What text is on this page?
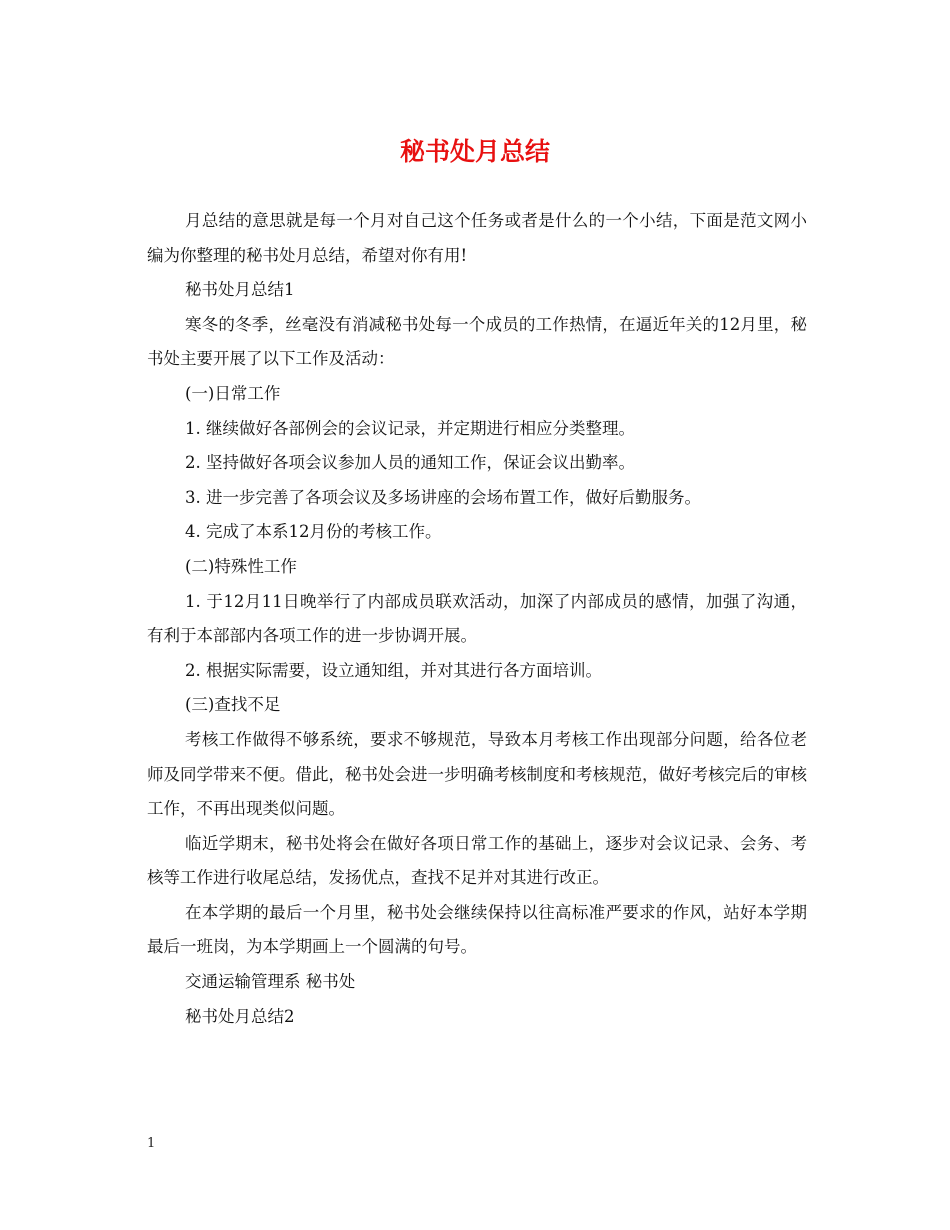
秘书处月总结

月总结的意思就是每一个月对自己这个任务或者是什么的一个小结，下面是范文网小编为你整理的秘书处月总结，希望对你有用!

秘书处月总结1

寒冬的冬季，丝毫没有消减秘书处每一个成员的工作热情，在逼近年关的12月里，秘书处主要开展了以下工作及活动：

(一)日常工作

1. 继续做好各部例会的会议记录，并定期进行相应分类整理。

2. 坚持做好各项会议参加人员的通知工作，保证会议出勤率。

3. 进一步完善了各项会议及多场讲座的会场布置工作，做好后勤服务。

4. 完成了本系12月份的考核工作。

(二)特殊性工作

1. 于12月11日晚举行了内部成员联欢活动，加深了内部成员的感情，加强了沟通，有利于本部部内各项工作的进一步协调开展。

2. 根据实际需要，设立通知组，并对其进行各方面培训。

(三)查找不足

考核工作做得不够系统，要求不够规范，导致本月考核工作出现部分问题，给各位老师及同学带来不便。借此，秘书处会进一步明确考核制度和考核规范，做好考核完后的审核工作，不再出现类似问题。

临近学期末，秘书处将会在做好各项日常工作的基础上，逐步对会议记录、会务、考核等工作进行收尾总结，发扬优点，查找不足并对其进行改正。

在本学期的最后一个月里，秘书处会继续保持以往高标准严要求的作风，站好本学期最后一班岗，为本学期画上一个圆满的句号。

交通运输管理系 秘书处

秘书处月总结2

1
